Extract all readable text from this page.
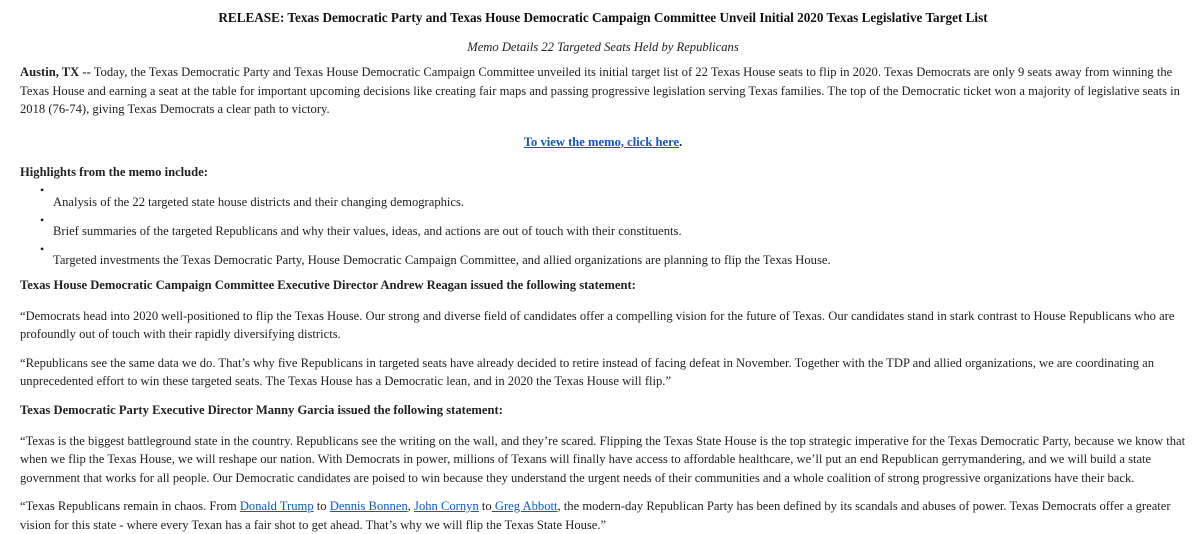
RELEASE: Texas Democratic Party and Texas House Democratic Campaign Committee Unveil Initial 2020 Texas Legislative Target List
Memo Details 22 Targeted Seats Held by Republicans

Austin, TX -- Today, the Texas Democratic Party and Texas House Democratic Campaign Committee unveiled its initial target list of 22 Texas House seats to flip in 2020. Texas Democrats are only 9 seats away from winning the Texas House and earning a seat at the table for important upcoming decisions like creating fair maps and passing progressive legislation serving Texas families. The top of the Democratic ticket won a majority of legislative seats in 2018 (76-74), giving Texas Democrats a clear path to victory.

To view the memo, click here.
Highlights from the memo include:
•
Analysis of the 22 targeted state house districts and their changing demographics.
•
Brief summaries of the targeted Republicans and why their values, ideas, and actions are out of touch with their constituents.
•
Targeted investments the Texas Democratic Party, House Democratic Campaign Committee, and allied organizations are planning to flip the Texas House.
Texas House Democratic Campaign Committee Executive Director Andrew Reagan issued the following statement:

“Democrats head into 2020 well-positioned to flip the Texas House. Our strong and diverse field of candidates offer a compelling vision for the future of Texas. Our candidates stand in stark contrast to House Republicans who are profoundly out of touch with their rapidly diversifying districts.

“Republicans see the same data we do. That’s why five Republicans in targeted seats have already decided to retire instead of facing defeat in November. Together with the TDP and allied organizations, we are coordinating an unprecedented effort to win these targeted seats. The Texas House has a Democratic lean, and in 2020 the Texas House will flip.”

Texas Democratic Party Executive Director Manny Garcia issued the following statement:

“Texas is the biggest battleground state in the country. Republicans see the writing on the wall, and they’re scared. Flipping the Texas State House is the top strategic imperative for the Texas Democratic Party, because we know that when we flip the Texas House, we will reshape our nation. With Democrats in power, millions of Texans will finally have access to affordable healthcare, we’ll put an end Republican gerrymandering, and we will build a state government that works for all people. Our Democratic candidates are poised to win because they understand the urgent needs of their communities and a whole coalition of strong progressive organizations have their back.

“Texas Republicans remain in chaos. From Donald Trump to Dennis Bonnen, John Cornyn to Greg Abbott, the modern-day Republican Party has been defined by its scandals and abuses of power. Texas Democrats offer a greater vision for this state - where every Texan has a fair shot to get ahead. That’s why we will flip the Texas State House.”
